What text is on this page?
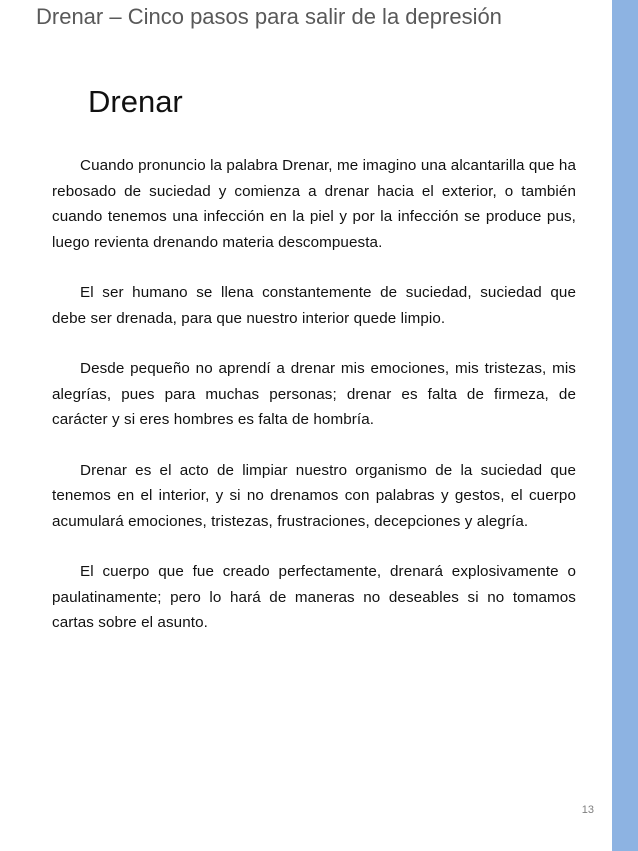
Drenar – Cinco pasos para salir de la depresión
Drenar

Cuando pronuncio la palabra Drenar, me imagino una alcantarilla que ha rebosado de suciedad y comienza a drenar hacia el exterior, o también cuando tenemos una infección en la piel y por la infección se produce pus, luego revienta drenando materia descompuesta.

El ser humano se llena constantemente de suciedad, suciedad que debe ser drenada, para que nuestro interior quede limpio.

Desde pequeño no aprendí a drenar mis emociones, mis tristezas, mis alegrías, pues para muchas personas; drenar es falta de firmeza, de carácter y si eres hombres es falta de hombría.

Drenar es el acto de limpiar nuestro organismo de la suciedad que tenemos en el interior, y si no drenamos con palabras y gestos, el cuerpo acumulará emociones, tristezas, frustraciones, decepciones y alegría.

El cuerpo que fue creado perfectamente, drenará explosivamente o paulatinamente; pero lo hará de maneras no deseables si no tomamos cartas sobre el asunto.

13
